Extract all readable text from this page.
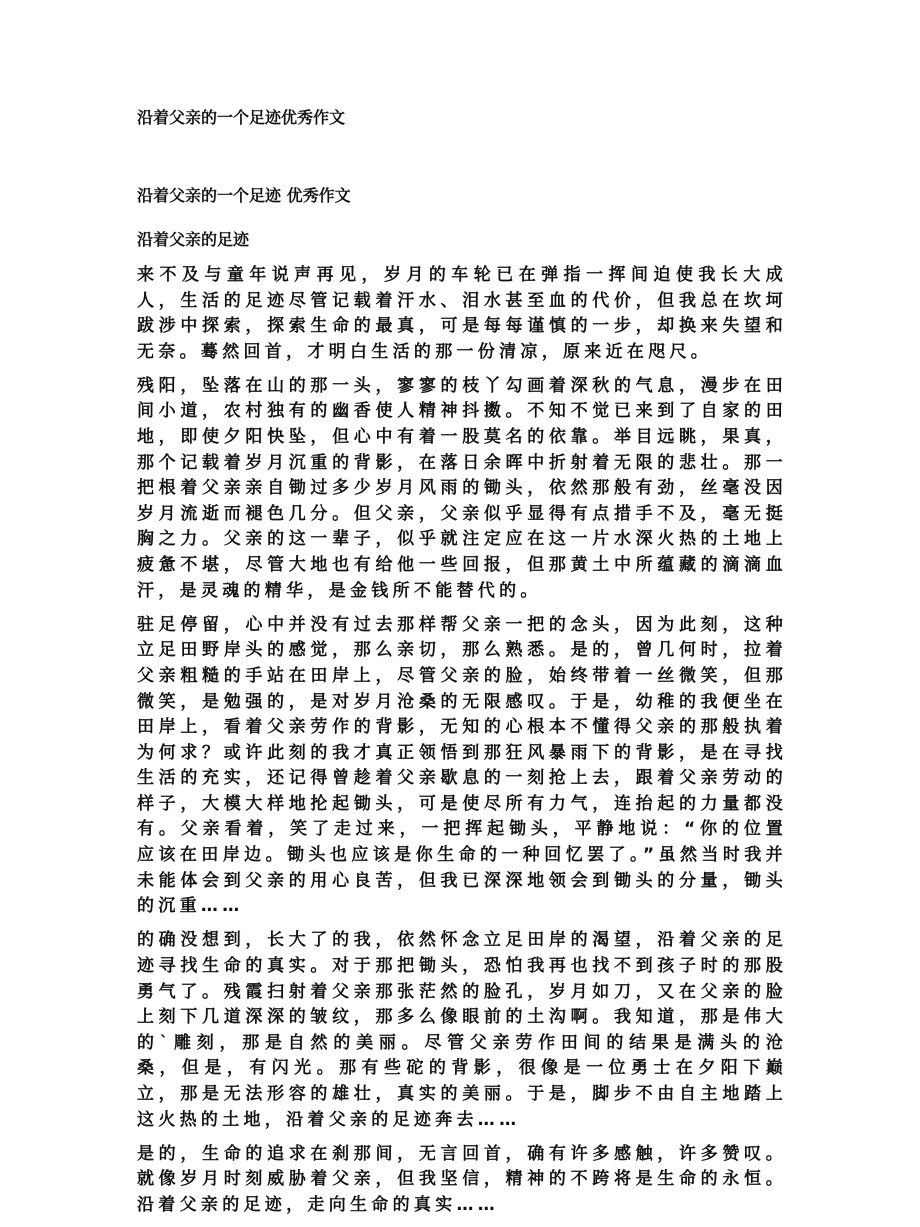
沿着父亲的一个足迹优秀作文
沿着父亲的一个足迹 优秀作文
沿着父亲的足迹

来不及与童年说声再见，岁月的车轮已在弹指一挥间迫使我长大成人，生活的足迹尽管记载着汗水、泪水甚至血的代价，但我总在坎坷跋涉中探索，探索生命的最真，可是每每谨慎的一步，却换来失望和无奈。蓦然回首，才明白生活的那一份清凉，原来近在咫尺。

残阳，坠落在山的那一头，寥寥的枝丫勾画着深秋的气息，漫步在田间小道，农村独有的幽香使人精神抖擞。不知不觉已来到了自家的田地，即使夕阳快坠，但心中有着一股莫名的依靠。举目远眺，果真，那个记载着岁月沉重的背影，在落日余晖中折射着无限的悲壮。那一把根着父亲亲自锄过多少岁月风雨的锄头，依然那般有劲，丝毫没因岁月流逝而褪色几分。但父亲，父亲似乎显得有点措手不及，毫无挺胸之力。父亲的这一辈子，似乎就注定应在这一片水深火热的土地上疲惫不堪，尽管大地也有给他一些回报，但那黄土中所蕴藏的滴滴血汗，是灵魂的精华，是金钱所不能替代的。

驻足停留，心中并没有过去那样帮父亲一把的念头，因为此刻，这种立足田野岸头的感觉，那么亲切，那么熟悉。是的，曾几何时，拉着父亲粗糙的手站在田岸上，尽管父亲的脸，始终带着一丝微笑，但那微笑，是勉强的，是对岁月沧桑的无限感叹。于是，幼稚的我便坐在田岸上，看着父亲劳作的背影，无知的心根本不懂得父亲的那般执着为何求？或许此刻的我才真正领悟到那狂风暴雨下的背影，是在寻找生活的充实，还记得曾趁着父亲歇息的一刻抢上去，跟着父亲劳动的样子，大模大样地抡起锄头，可是使尽所有力气，连抬起的力量都没有。父亲看着，笑了走过来，一把挥起锄头，平静地说：“你的位置应该在田岸边。锄头也应该是你生命的一种回忆罢了。”虽然当时我并未能体会到父亲的用心良苦，但我已深深地领会到锄头的分量，锄头的沉重……

的确没想到，长大了的我，依然怀念立足田岸的渴望，沿着父亲的足迹寻找生命的真实。对于那把锄头，恐怕我再也找不到孩子时的那股勇气了。残霞扫射着父亲那张茫然的脸孔，岁月如刀，又在父亲的脸上刻下几道深深的皱纹，那多么像眼前的土沟啊。我知道，那是伟大的`雕刻，那是自然的美丽。尽管父亲劳作田间的结果是满头的沧桑，但是，有闪光。那有些砣的背影，很像是一位勇士在夕阳下巅立，那是无法形容的雄壮，真实的美丽。于是，脚步不由自主地踏上这火热的土地，沿着父亲的足迹奔去……

是的，生命的追求在刹那间，无言回首，确有许多感触，许多赞叹。就像岁月时刻威胁着父亲，但我坚信，精神的不跨将是生命的永恒。沿着父亲的足迹，走向生命的真实……
